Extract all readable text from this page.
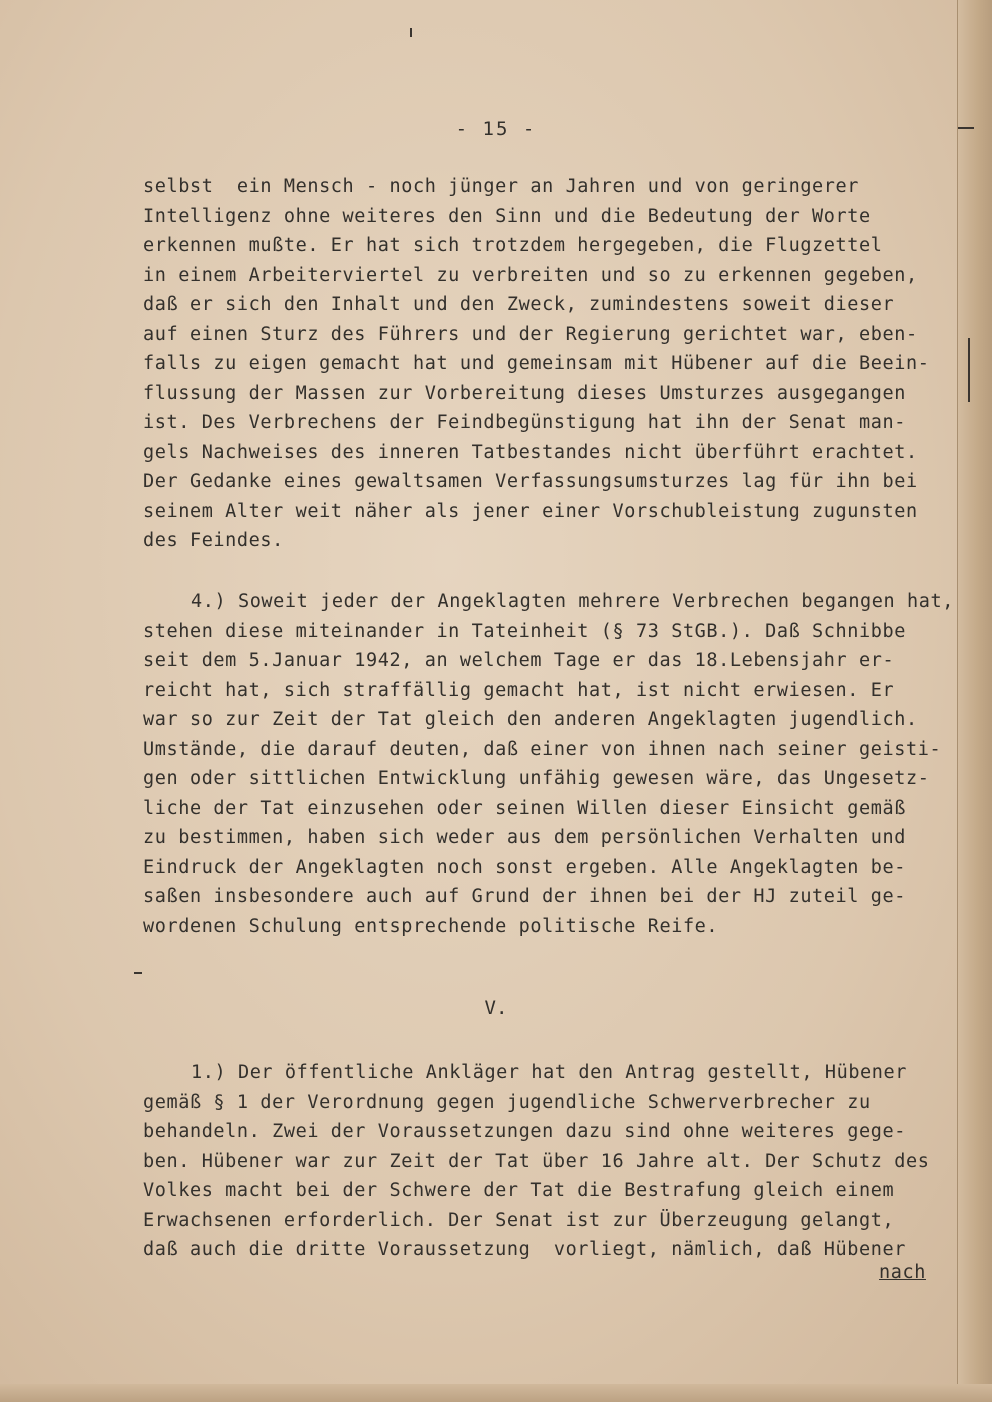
- 15 -
selbst  ein Mensch - noch jünger an Jahren und von geringerer
Intelligenz ohne weiteres den Sinn und die Bedeutung der Worte
erkennen mußte. Er hat sich trotzdem hergegeben, die Flugzettel
in einem Arbeiterviertel zu verbreiten und so zu erkennen gegeben,
daß er sich den Inhalt und den Zweck, zumindestens soweit dieser
auf einen Sturz des Führers und der Regierung gerichtet war, eben-
falls zu eigen gemacht hat und gemeinsam mit Hübener auf die Beein-
flussung der Massen zur Vorbereitung dieses Umsturzes ausgegangen
ist. Des Verbrechens der Feindbegünstigung hat ihn der Senat man-
gels Nachweises des inneren Tatbestandes nicht überführt erachtet.
Der Gedanke eines gewaltsamen Verfassungsumsturzes lag für ihn bei
seinem Alter weit näher als jener einer Vorschubleistung zugunsten
des Feindes.
4.) Soweit jeder der Angeklagten mehrere Verbrechen begangen hat,
stehen diese miteinander in Tateinheit (§ 73 StGB.). Daß Schnibbe
seit dem 5.Januar 1942, an welchem Tage er das 18.Lebensjahr er-
reicht hat, sich straffällig gemacht hat, ist nicht erwiesen. Er
war so zur Zeit der Tat gleich den anderen Angeklagten jugendlich.
Umstände, die darauf deuten, daß einer von ihnen nach seiner geisti-
gen oder sittlichen Entwicklung unfähig gewesen wäre, das Ungesetz-
liche der Tat einzusehen oder seinen Willen dieser Einsicht gemäß
zu bestimmen, haben sich weder aus dem persönlichen Verhalten und
Eindruck der Angeklagten noch sonst ergeben. Alle Angeklagten be-
saßen insbesondere auch auf Grund der ihnen bei der HJ zuteil ge-
wordenen Schulung entsprechende politische Reife.
V.
1.) Der öffentliche Ankläger hat den Antrag gestellt, Hübener
gemäß § 1 der Verordnung gegen jugendliche Schwerverbrecher zu
behandeln. Zwei der Voraussetzungen dazu sind ohne weiteres gege-
ben. Hübener war zur Zeit der Tat über 16 Jahre alt. Der Schutz des
Volkes macht bei der Schwere der Tat die Bestrafung gleich einem
Erwachsenen erforderlich. Der Senat ist zur Überzeugung gelangt,
daß auch die dritte Voraussetzung  vorliegt, nämlich, daß Hübener
nach
